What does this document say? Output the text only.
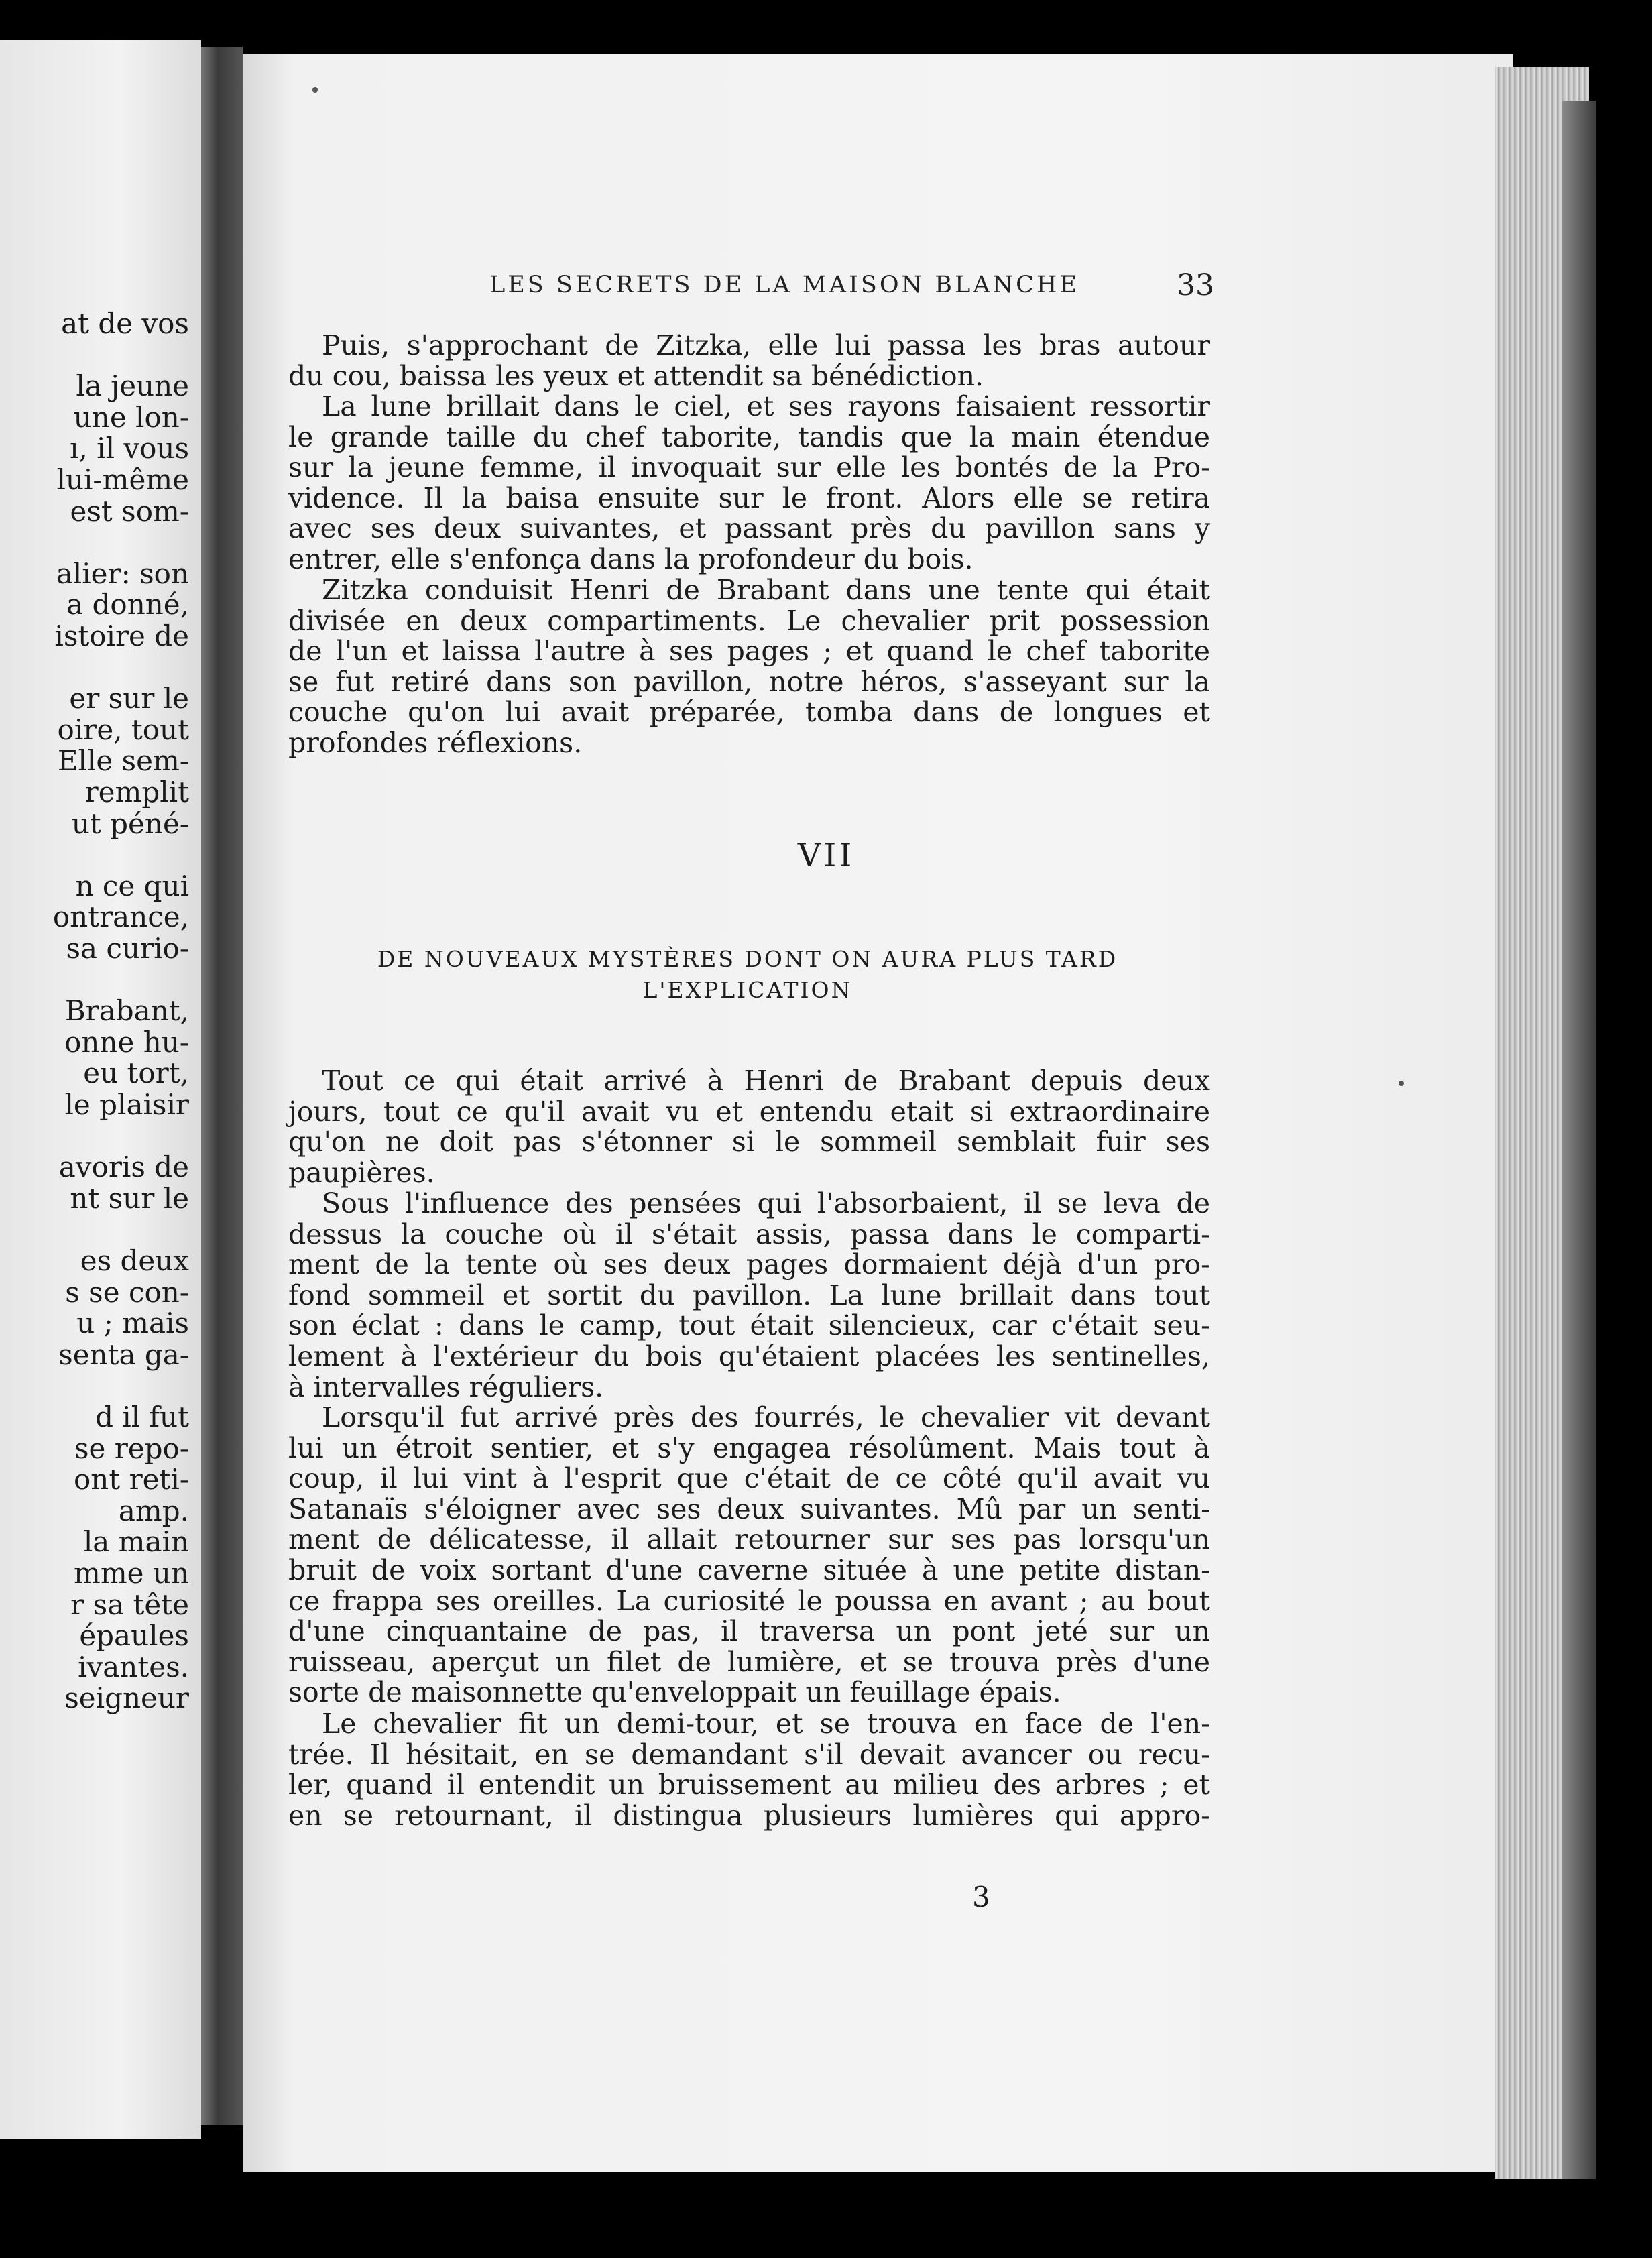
at de vos
la jeune
une lon-
ı, il vous
lui-même
est som-
alier: son
a donné,
istoire de
er sur le
oire, tout
Elle sem-
remplit
ut péné-
n ce qui
ontrance,
sa curio-
Brabant,
onne hu-
eu tort,
le plaisir
avoris de
nt sur le
es deux
s se con-
u ; mais
senta ga-
d il fut
se repo-
ont reti-
amp.
la main
mme un
r sa tête
épaules
ivantes.
seigneur
LES SECRETS DE LA MAISON BLANCHE	33
Puis, s'approchant de Zitzka, elle lui passa les bras autour
du cou, baissa les yeux et attendit sa bénédiction.
La lune brillait dans le ciel, et ses rayons faisaient ressortir
le grande taille du chef taborite, tandis que la main étendue
sur la jeune femme, il invoquait sur elle les bontés de la Pro-
vidence. Il la baisa ensuite sur le front. Alors elle se retira
avec ses deux suivantes, et passant près du pavillon sans y
entrer, elle s'enfonça dans la profondeur du bois.
Zitzka conduisit Henri de Brabant dans une tente qui était
divisée en deux compartiments. Le chevalier prit possession
de l'un et laissa l'autre à ses pages ; et quand le chef taborite
se fut retiré dans son pavillon, notre héros, s'asseyant sur la
couche qu'on lui avait préparée, tomba dans de longues et
profondes réflexions.
VII
DE NOUVEAUX MYSTÈRES DONT ON AURA PLUS TARD
L'EXPLICATION
Tout ce qui était arrivé à Henri de Brabant depuis deux
jours, tout ce qu'il avait vu et entendu etait si extraordinaire
qu'on ne doit pas s'étonner si le sommeil semblait fuir ses
paupières.
Sous l'influence des pensées qui l'absorbaient, il se leva de
dessus la couche où il s'était assis, passa dans le comparti-
ment de la tente où ses deux pages dormaient déjà d'un pro-
fond sommeil et sortit du pavillon. La lune brillait dans tout
son éclat : dans le camp, tout était silencieux, car c'était seu-
lement à l'extérieur du bois qu'étaient placées les sentinelles,
à intervalles réguliers.
Lorsqu'il fut arrivé près des fourrés, le chevalier vit devant
lui un étroit sentier, et s'y engagea résolûment. Mais tout à
coup, il lui vint à l'esprit que c'était de ce côté qu'il avait vu
Satanaïs s'éloigner avec ses deux suivantes. Mû par un senti-
ment de délicatesse, il allait retourner sur ses pas lorsqu'un
bruit de voix sortant d'une caverne située à une petite distan-
ce frappa ses oreilles. La curiosité le poussa en avant ; au bout
d'une cinquantaine de pas, il traversa un pont jeté sur un
ruisseau, aperçut un filet de lumière, et se trouva près d'une
sorte de maisonnette qu'enveloppait un feuillage épais.
Le chevalier fit un demi-tour, et se trouva en face de l'en-
trée. Il hésitait, en se demandant s'il devait avancer ou recu-
ler, quand il entendit un bruissement au milieu des arbres ; et
en se retournant, il distingua plusieurs lumières qui appro-
3
